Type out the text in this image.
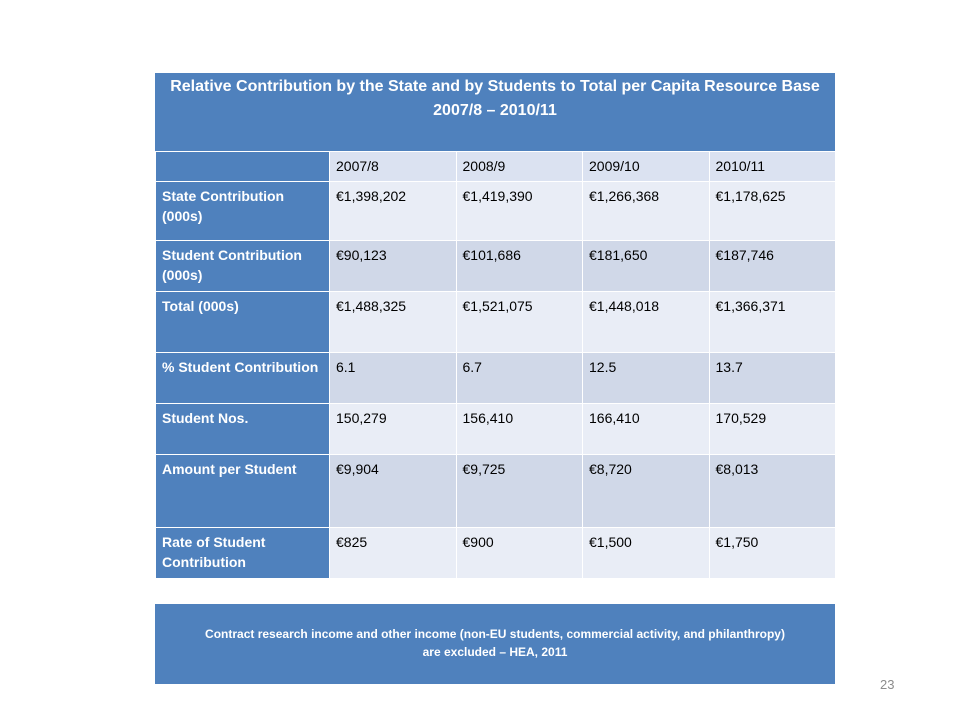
Relative Contribution by the State and by Students to Total per Capita Resource Base 2007/8 – 2010/11
	2007/8	2008/9	2009/10	2010/11
State Contribution (000s)	€1,398,202	€1,419,390	€1,266,368	€1,178,625
Student Contribution (000s)	€90,123	€101,686	€181,650	€187,746
Total (000s)	€1,488,325	€1,521,075	€1,448,018	€1,366,371
% Student Contribution	6.1	6.7	12.5	13.7
Student Nos.	150,279	156,410	166,410	170,529
Amount per Student	€9,904	€9,725	€8,720	€8,013
Rate of Student Contribution	€825	€900	€1,500	€1,750
Contract research income and other income (non-EU students, commercial activity, and philanthropy) are excluded – HEA, 2011
23
